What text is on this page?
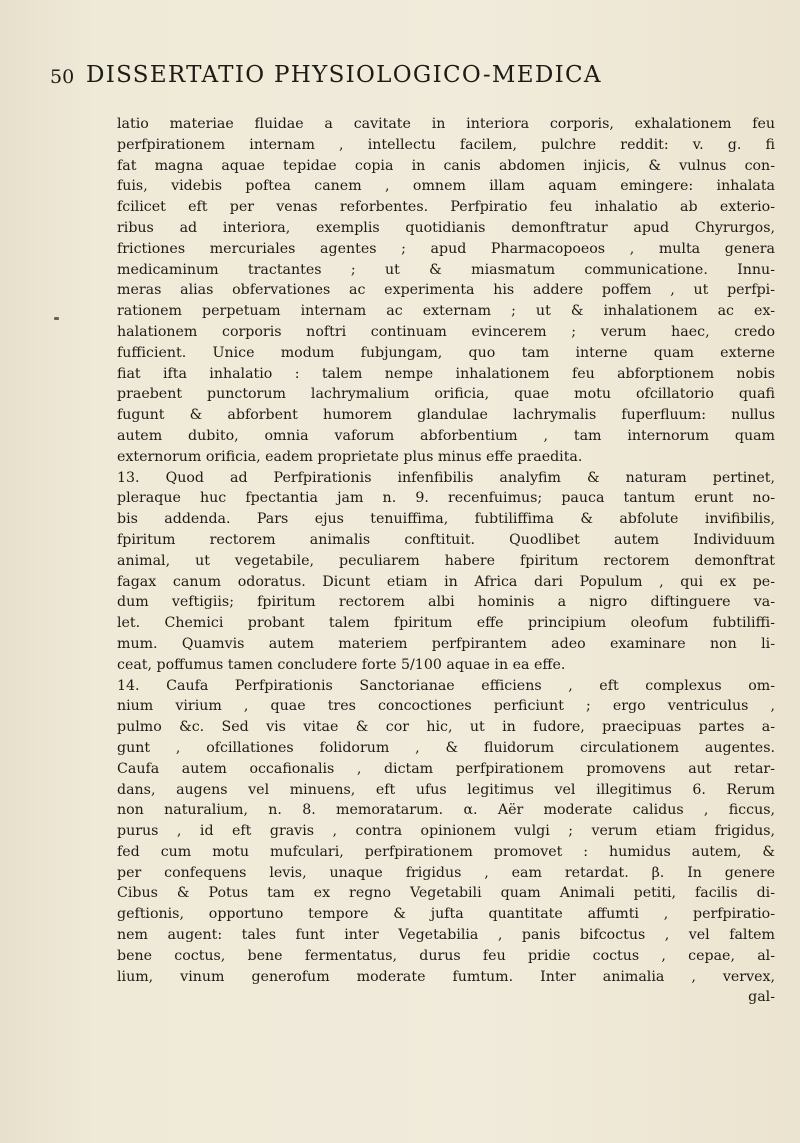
50 DISSERTATIO PHYSIOLOGICO-MEDICA
latio materiae fluidae a cavitate in interiora corporis, exhalationem feu
perfpirationem internam , intellectu facilem, pulchre reddit: v. g. fi
fat magna aquae tepidae copia in canis abdomen injicis, & vulnus con-
fuis, videbis poftea canem , omnem illam aquam emingere: inhalata
fcilicet eft per venas reforbentes. Perfpiratio feu inhalatio ab exterio-
ribus ad interiora, exemplis quotidianis demonftratur apud Chyrurgos,
frictiones mercuriales agentes ; apud Pharmacopoeos , multa genera
medicaminum tractantes ; ut & miasmatum communicatione. Innu-
meras alias obfervationes ac experimenta his addere poffem , ut perfpi-
rationem perpetuam internam ac externam ; ut & inhalationem ac ex-
halationem corporis noftri continuam evincerem ; verum haec, credo
fufficient. Unice modum fubjungam, quo tam interne quam externe
fiat ifta inhalatio : talem nempe inhalationem feu abforptionem nobis
praebent punctorum lachrymalium orificia, quae motu ofcillatorio quafi
fugunt & abforbent humorem glandulae lachrymalis fuperfluum: nullus
autem dubito, omnia vaforum abforbentium , tam internorum quam
externorum orificia, eadem proprietate plus minus effe praedita.
13. Quod ad Perfpirationis infenfibilis analyfim & naturam pertinet,
pleraque huc fpectantia jam n. 9. recenfuimus; pauca tantum erunt no-
bis addenda. Pars ejus tenuiffima, fubtiliffima & abfolute invifibilis,
fpiritum rectorem animalis conftituit. Quodlibet autem Individuum
animal, ut vegetabile, peculiarem habere fpiritum rectorem demonftrat
fagax canum odoratus. Dicunt etiam in Africa dari Populum , qui ex pe-
dum veftigiis; fpiritum rectorem albi hominis a nigro diftinguere va-
let. Chemici probant talem fpiritum effe principium oleofum fubtiliffi-
mum. Quamvis autem materiem perfpirantem adeo examinare non li-
ceat, poffumus tamen concludere forte 5/100 aquae in ea effe.
14. Caufa Perfpirationis Sanctorianae efficiens , eft complexus om-
nium virium , quae tres concoctiones perficiunt ; ergo ventriculus ,
pulmo &c. Sed vis vitae & cor hic, ut in fudore, praecipuas partes a-
gunt , ofcillationes folidorum , & fluidorum circulationem augentes.
Caufa autem occafionalis , dictam perfpirationem promovens aut retar-
dans, augens vel minuens, eft ufus legitimus vel illegitimus 6. Rerum
non naturalium, n. 8. memoratarum. α. Aër moderate calidus , ficcus,
purus , id eft gravis , contra opinionem vulgi ; verum etiam frigidus,
fed cum motu mufculari, perfpirationem promovet : humidus autem, &
per confequens levis, unaque frigidus , eam retardat. β. In genere
Cibus & Potus tam ex regno Vegetabili quam Animali petiti, facilis di-
geftionis, opportuno tempore & jufta quantitate affumti , perfpiratio-
nem augent: tales funt inter Vegetabilia , panis bifcoctus , vel faltem
bene coctus, bene fermentatus, durus feu pridie coctus , cepae, al-
lium, vinum generofum moderate fumtum. Inter animalia , vervex,
gal-
